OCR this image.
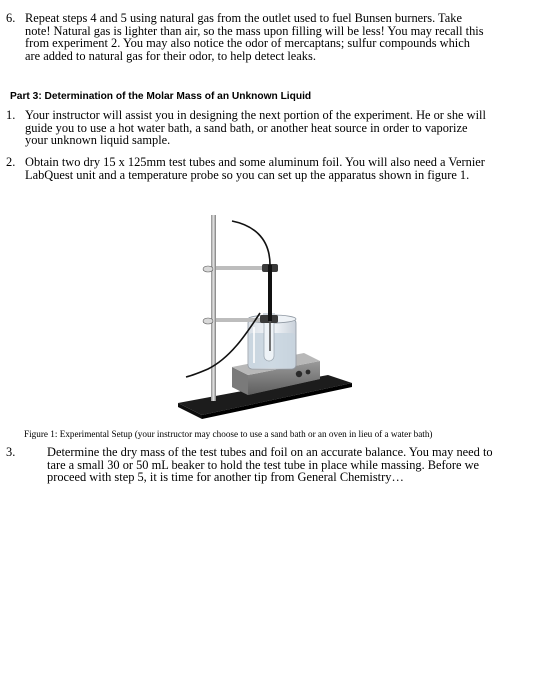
6. Repeat steps 4 and 5 using natural gas from the outlet used to fuel Bunsen burners. Take note! Natural gas is lighter than air, so the mass upon filling will be less! You may recall this from experiment 2. You may also notice the odor of mercaptans; sulfur compounds which are added to natural gas for their odor, to help detect leaks.
Part 3: Determination of the Molar Mass of an Unknown Liquid
1. Your instructor will assist you in designing the next portion of the experiment. He or she will guide you to use a hot water bath, a sand bath, or another heat source in order to vaporize your unknown liquid sample.
2. Obtain two dry 15 x 125mm test tubes and some aluminum foil. You will also need a Vernier LabQuest unit and a temperature probe so you can set up the apparatus shown in figure 1.
Figure 1: Experimental Setup (your instructor may choose to use a sand bath or an oven in lieu of a water bath)
3.	Determine the dry mass of the test tubes and foil on an accurate balance. You may need to tare a small 30 or 50 mL beaker to hold the test tube in place while massing. Before we proceed with step 5, it is time for another tip from General Chemistry…
